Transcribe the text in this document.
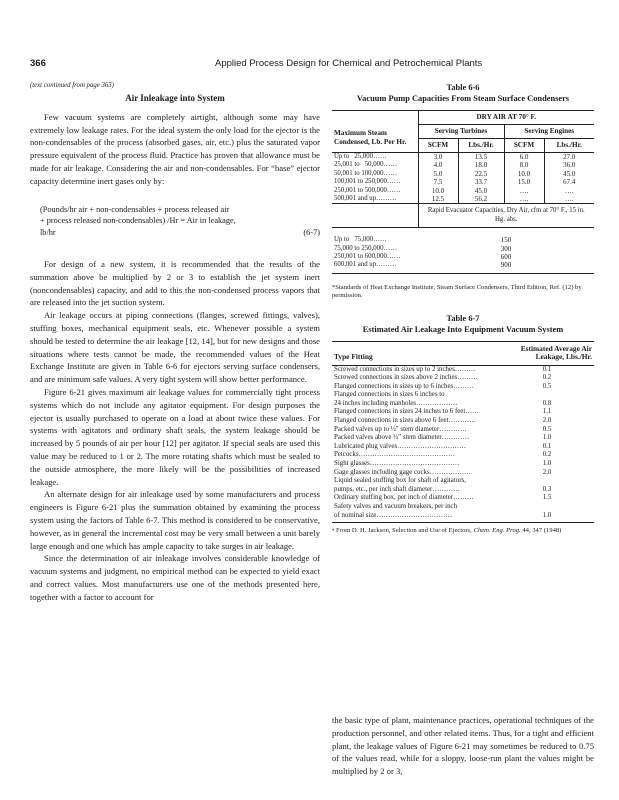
366	Applied Process Design for Chemical and Petrochemical Plants
(text continued from page 363)
Air Inleakage into System

Few vacuum systems are completely airtight, although some may have extremely low leakage rates. For the ideal system the only load for the ejector is the non-condensables of the process (absorbed gases, air, etc.) plus the saturated vapor pressure equivalent of the process fluid. Practice has proven that allowance must be made for air leakage. Considering the air and non-condensables. For “base” ejector capacity determine inert gases only by:

(Pounds/hr air + non-condensables + process released air
+ process released non-condensables) /Hr = Air in leakage,
lb/hr	(6-7)

For design of a new system, it is recommended that the results of the summation above be multiplied by 2 or 3 to establish the jet system inert (noncondensables) capacity, and add to this the non-condensed process vapors that are released into the jet suction system.

Air leakage occurs at piping connections (flanges, screwed fittings, valves), stuffing boxes, mechanical equipment seals, etc. Whenever possible a system should be tested to determine the air leakage [12, 14], but for new designs and those situations where tests cannot be made, the recommended values of the Heat Exchange Institute are given in Table 6-6 for ejectors serving surface condensers, and are minimum safe values. A very tight system will show better performance.

Figure 6-21 gives maximum air leakage values for commercially tight process systems which do not include any agitator equipment. For design purposes the ejector is usually purchased to operate on a load at about twice these values. For systems with agitators and ordinary shaft seals, the system leakage should be increased by 5 pounds of air per hour [12] per agitator. If special seals are used this value may be reduced to 1 or 2. The more rotating shafts which must be sealed to the outside atmosphere, the more likely will be the possibilities of increased leakage.

An alternate design for air inleakage used by some manufacturers and process engineers is Figure 6-21 plus the summation obtained by examining the process system using the factors of Table 6-7. This method is considered to be conservative, however, as in general the incremental cost may be very small between a unit barely large enough and one which has ample capacity to take surges in air leakage.

Since the determination of air inleakage involves considerable knowledge of vacuum systems and judgment, no empirical method can be expected to yield exact and correct values. Most manufacturers use one of the methods presented here, together with a factor to account for

Table 6-6
Vacuum Pump Capacities From Steam Surface Condensers
	DRY AIR AT 70° F.			
Maximum Steam Condensed, Lb. Per Hr.	Serving Turbines		Serving Engines	
	SCFM	Lbs./Hr.	SCFM	Lbs./Hr.
Up to   25,000……	3.0	13.5	6.0	27.0
25,001 to   50,000……	4.0	18.0	8.0	36.0
50,001 to 100,000……	5.0	22.5	10.0	45.0
100,001 to 250,000……	7.5	33.7	15.0	67.4
250,001 to 500,000……	10.0	45.0	….	….
500,001 and up………	12.5	56.2	….	….
	Rapid Evacuator Capacities, Dry Air, cfm at 70° F., 15 in. Hg. abs.			

Up to   75,000……	150			
75,000 to 250,000……	300			
250,001 to 600,000……	600			
600,001 and up………	900			

*Standards of Heat Exchange Institute, Steam Surface Condensers, Third Edition, Ref. (12) by permission.

Table 6-7
Estimated Air Leakage Into Equipment Vacuum System
Type Fitting	Estimated Average Air Leakage, Lbs./Hr.
Screwed connections in sizes up to 2 inches………	0.1
Screwed connections in sizes above 2 inches………	0.2
Flanged connections in sizes up to 6 inches………	0.5
Flanged connections in sizes 6 inches to
24 inches including manholes………………	0.8
Flanged connections in sizes 24 inches to 6 feet……	1.1
Flanged connections in sizes above 6 feet…………	2.0
Packed valves up to ½″ stem diameter…………	0.5
Packed valves above ½″ stem diameter…………	1.0
Lubricated plug valves…………………………	0.1
Petcocks……………………………………	0.2
Sight glasses…………………………………	1.0
Gage glasses including gage cocks………………	2.0
Liquid sealed stuffing box for shaft of agitators,
pumps, etc., per inch shaft diameter…………	0.3
Ordinary stuffing box, per inch of diameter………	1.5
Safety valves and vacuum breakers, per inch
of nominal size……………………………	1.0

• From D. H. Jackson, Selection and Use of Ejectors, Chem. Eng. Prog. 44, 347 (1948)

the basic type of plant, maintenance practices, operational techniques of the production personnel, and other related items. Thus, for a tight and efficient plant, the leakage values of Figure 6-21 may sometimes be reduced to 0.75 of the values read, while for a sloppy, loose-run plant the values might be multiplied by 2 or 3,
